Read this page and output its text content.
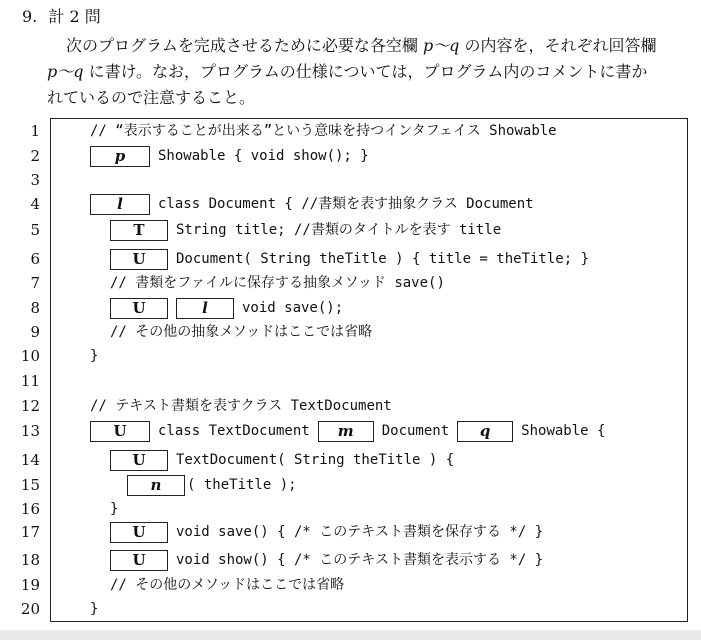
9. 計 2 問
次のプログラムを完成させるために必要な各空欄 p〜q の内容を，それぞれ回答欄
p〜q に書け。なお，プログラムの仕様については，プログラム内のコメントに書か
れているので注意すること。
1	// “表示することが出来る”という意味を持つインタフェイス Showable
2	p	Showable { void show(); }
3
4	l	class Document { //書類を表す抽象クラス Document
5	T	String title; //書類のタイトルを表す title
6	U	Document( String theTitle ) { title = theTitle; }
7	// 書類をファイルに保存する抽象メソッド save()
8	U	l	void save();
9	// その他の抽象メソッドはここでは省略
10	}
11
12	// テキスト書類を表すクラス TextDocument
13	U	class TextDocument	m	Document	q	Showable {
14	U	TextDocument( String theTitle ) {
15	n	( theTitle );
16	}
17	U	void save() { /* このテキスト書類を保存する */ }
18	U	void show() { /* このテキスト書類を表示する */ }
19	// その他のメソッドはここでは省略
20	}
